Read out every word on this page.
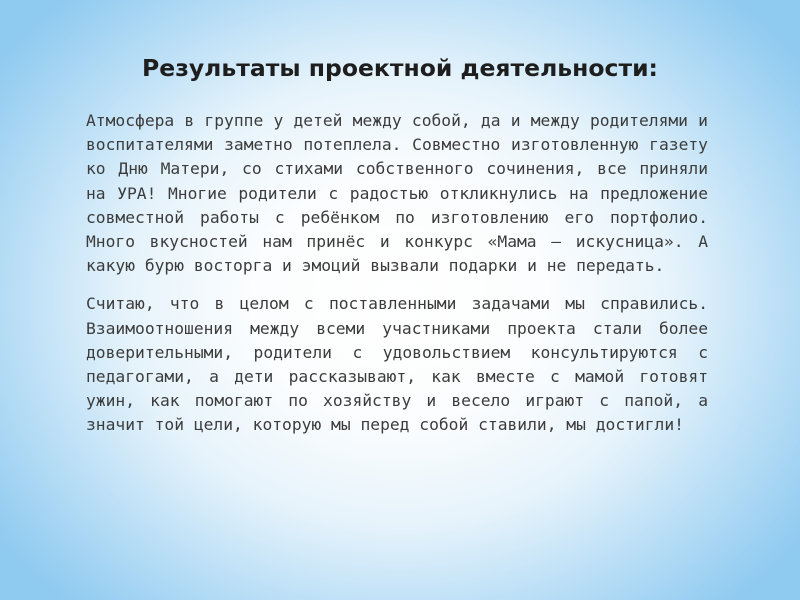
Результаты проектной деятельности:

Атмосфера в группе у детей между собой, да и между родителями и воспитателями заметно потеплела. Совместно изготовленную газету ко Дню Матери, со стихами собственного сочинения, все приняли на УРА! Многие родители с радостью откликнулись на предложение совместной работы с ребёнком по изготовлению его портфолио. Много вкусностей нам принёс и конкурс «Мама – искусница». А какую бурю восторга и эмоций вызвали подарки и не передать.

Считаю, что в целом с поставленными задачами мы справились. Взаимоотношения между всеми участниками проекта стали более доверительными, родители с удовольствием консультируются с педагогами, а дети рассказывают, как вместе с мамой готовят ужин, как помогают по хозяйству и весело играют с папой, а значит той цели, которую мы перед собой ставили, мы достигли!
